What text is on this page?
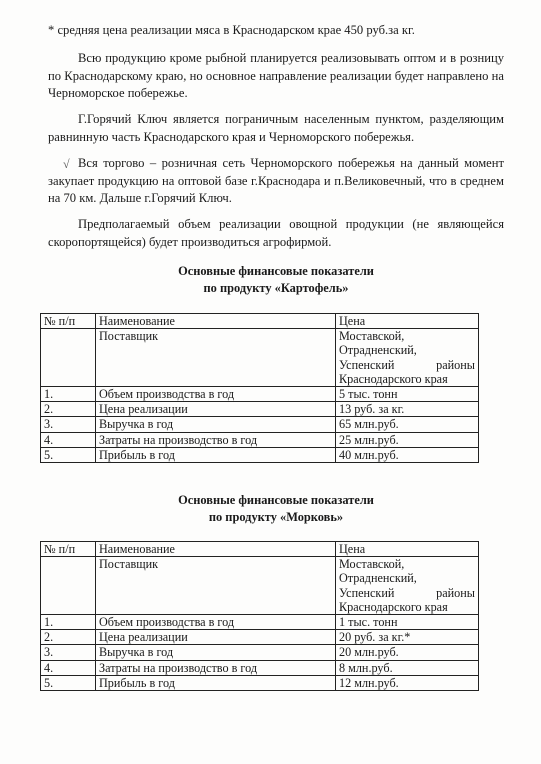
* средняя цена реализации мяса в Краснодарском крае 450 руб.за кг.

Всю продукцию кроме рыбной планируется реализовывать оптом и в розницу по Краснодарскому краю, но основное направление реализации будет направлено на Черноморское побережье.

Г.Горячий Ключ является пограничным населенным пунктом, разделяющим равнинную часть Краснодарского края и Черноморского побережья.

√ Вся торгово – розничная сеть Черноморского побережья на данный момент закупает продукцию на оптовой базе г.Краснодара и п.Великовечный, что в среднем на 70 км. Дальше г.Горячий Ключ.

Предполагаемый объем реализации овощной продукции (не являющейся скоропортящейся) будет производиться агрофирмой.

Основные финансовые показатели
по продукту «Картофель»
№ п/п	Наименование	Цена
	Поставщик	Моставской,
Отрадненский,
Успенский районы
Краснодарского края

1.	Объем производства в год	5 тыс. тонн
2.	Цена реализации	13 руб. за кг.
3.	Выручка в год	65 млн.руб.
4.	Затраты на производство в год	25 млн.руб.
5.	Прибыль в год	40 млн.руб.
Основные финансовые показатели
по продукту «Морковь»
№ п/п	Наименование	Цена
	Поставщик	Моставской,
Отрадненский,
Успенский районы
Краснодарского края

1.	Объем производства в год	1 тыс. тонн
2.	Цена реализации	20 руб. за кг.*
3.	Выручка в год	20 млн.руб.
4.	Затраты на производство в год	8 млн.руб.
5.	Прибыль в год	12 млн.руб.
